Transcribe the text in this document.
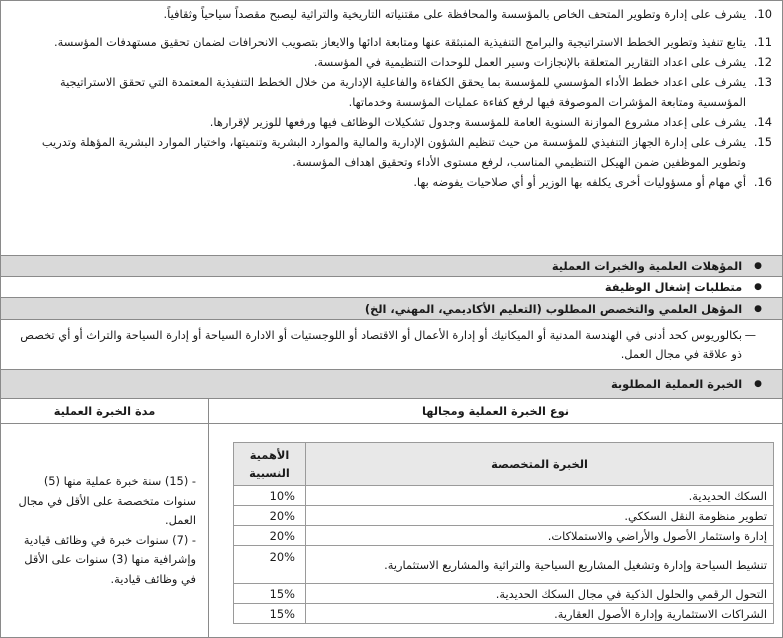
10.
يشرف على إدارة وتطوير المتحف الخاص بالمؤسسة والمحافظة على مقتنياته التاريخية والتراثية ليصبح مقصداً سياحياً وثقافياً.
11.
يتابع تنفيذ وتطوير الخطط الاستراتيجية والبرامج التنفيذية المنبثقة عنها ومتابعة ادائها والايعاز بتصويب الانحرافات لضمان تحقيق مستهدفات المؤسسة.
12.
يشرف على اعداد التقارير المتعلقة بالإنجازات وسير العمل للوحدات التنظيمية في المؤسسة.
13.
يشرف على اعداد خطط الأداء المؤسسي للمؤسسة بما يحقق الكفاءة والفاعلية الإدارية من خلال الخطط التنفيذية المعتمدة التي تحقق الاستراتيجية المؤسسية ومتابعة المؤشرات الموصوفة فيها لرفع كفاءة عمليات المؤسسة وخدماتها.
14.
يشرف على إعداد مشروع الموازنة السنوية العامة للمؤسسة وجدول تشكيلات الوظائف فيها ورفعها للوزير لإقرارها.
15.
يشرف على إدارة الجهاز التنفيذي للمؤسسة من حيث تنظيم الشؤون الإدارية والمالية والموارد البشرية وتنميتها، واختيار الموارد البشرية المؤهلة وتدريب وتطوير الموظفين ضمن الهيكل التنظيمي المناسب، لرفع مستوى الأداء وتحقيق اهداف المؤسسة.
16.
أي مهام أو مسؤوليات أخرى يكلفه بها الوزير أو أي صلاحيات يفوضه بها.
●
المؤهلات العلمية والخبرات العملية
●
متطلبات إشغال الوظيفة
●
المؤهل العلمي والتخصص المطلوب (التعليم الأكاديمي، المهني، الخ)
—
بكالوريوس كحد أدنى في الهندسة المدنية أو الميكانيك أو إدارة الأعمال أو الاقتصاد أو اللوجستيات أو الادارة السياحة أو إدارة السياحة والتراث أو أي تخصص ذو علاقة في مجال العمل.
●
الخبرة العملية المطلوبة
نوع الخبرة العملية ومجالها
مدة الخبرة العملية
الخبرة المتخصصة	الأهمية النسبية
السكك الحديدية.	10%
تطوير منظومة النقل السككي.	20%
إدارة واستثمار الأصول والأراضي والاستملاكات.	20%
تنشيط السياحة وإدارة وتشغيل المشاريع السياحية والتراثية والمشاريع الاستثمارية.	20%
التحول الرقمي والحلول الذكية في مجال السكك الحديدية.	15%
الشراكات الاستثمارية وإدارة الأصول العقارية.	15%

- (15) سنة خبرة عملية منها (5) سنوات متخصصة على الأقل في مجال العمل.

- (7) سنوات خبرة في وظائف قيادية وإشرافية منها (3) سنوات على الأقل في وظائف قيادية.
